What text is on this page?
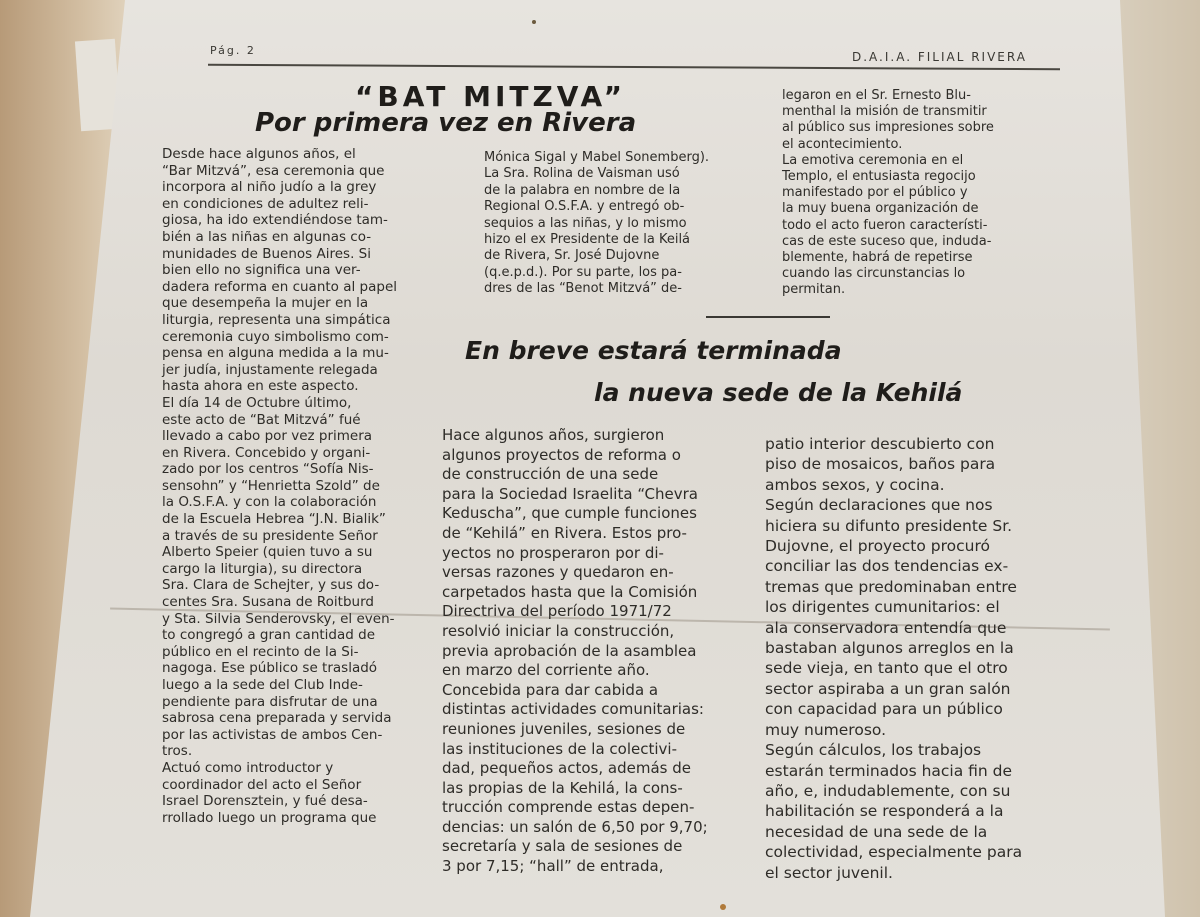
Pág. 2	D.A.I.A. FILIAL RIVERA
“BAT MITZVA”
Por primera vez en Rivera
Desde hace algunos años, el
“Bar Mitzvá”, esa ceremonia que
incorpora al niño judío a la grey
en condiciones de adultez reli-
giosa, ha ido extendiéndose tam-
bién a las niñas en algunas co-
munidades de Buenos Aires. Si
bien ello no significa una ver-
dadera reforma en cuanto al papel
que desempeña la mujer en la
liturgia, representa una simpática
ceremonia cuyo simbolismo com-
pensa en alguna medida a la mu-
jer judía, injustamente relegada
hasta ahora en este aspecto.
El día 14 de Octubre último,
este acto de “Bat Mitzvá” fué
llevado a cabo por vez primera
en Rivera. Concebido y organi-
zado por los centros “Sofía Nis-
sensohn” y “Henrietta Szold” de
la O.S.F.A. y con la colaboración
de la Escuela Hebrea “J.N. Bialik”
a través de su presidente Señor
Alberto Speier (quien tuvo a su
cargo la liturgia), su directora
Sra. Clara de Schejter, y sus do-
centes Sra. Susana de Roitburd
y Sta. Silvia Senderovsky, el even-
to congregó a gran cantidad de
público en el recinto de la Si-
nagoga. Ese público se trasladó
luego a la sede del Club Inde-
pendiente para disfrutar de una
sabrosa cena preparada y servida
por las activistas de ambos Cen-
tros.
Actuó como introductor y
coordinador del acto el Señor
Israel Dorensztein, y fué desa-
rrollado luego un programa que
Mónica Sigal y Mabel Sonemberg).
La Sra. Rolina de Vaisman usó
de la palabra en nombre de la
Regional O.S.F.A. y entregó ob-
sequios a las niñas, y lo mismo
hizo el ex Presidente de la Keilá
de Rivera, Sr. José Dujovne
(q.e.p.d.). Por su parte, los pa-
dres de las “Benot Mitzvá” de-
legaron en el Sr. Ernesto Blu-
menthal la misión de transmitir
al público sus impresiones sobre
el acontecimiento.
La emotiva ceremonia en el
Templo, el entusiasta regocijo
manifestado por el público y
la muy buena organización de
todo el acto fueron característi-
cas de este suceso que, induda-
blemente, habrá de repetirse
cuando las circunstancias lo
permitan.
En breve estará terminada
la nueva sede de la Kehilá
Hace algunos años, surgieron
algunos proyectos de reforma o
de construcción de una sede
para la Sociedad Israelita “Chevra
Keduscha”, que cumple funciones
de “Kehilá” en Rivera. Estos pro-
yectos no prosperaron por di-
versas razones y quedaron en-
carpetados hasta que la Comisión
Directriva del período 1971/72
resolvió iniciar la construcción,
previa aprobación de la asamblea
en marzo del corriente año.
Concebida para dar cabida a
distintas actividades comunitarias:
reuniones juveniles, sesiones de
las instituciones de la colectivi-
dad, pequeños actos, además de
las propias de la Kehilá, la cons-
trucción comprende estas depen-
dencias: un salón de 6,50 por 9,70;
secretaría y sala de sesiones de
3 por 7,15; “hall” de entrada,
patio interior descubierto con
piso de mosaicos, baños para
ambos sexos, y cocina.
Según declaraciones que nos
hiciera su difunto presidente Sr.
Dujovne, el proyecto procuró
conciliar las dos tendencias ex-
tremas que predominaban entre
los dirigentes cumunitarios: el
ala conservadora entendía que
bastaban algunos arreglos en la
sede vieja, en tanto que el otro
sector aspiraba a un gran salón
con capacidad para un público
muy numeroso.
Según cálculos, los trabajos
estarán terminados hacia fin de
año, e, indudablemente, con su
habilitación se responderá a la
necesidad de una sede de la
colectividad, especialmente para
el sector juvenil.
